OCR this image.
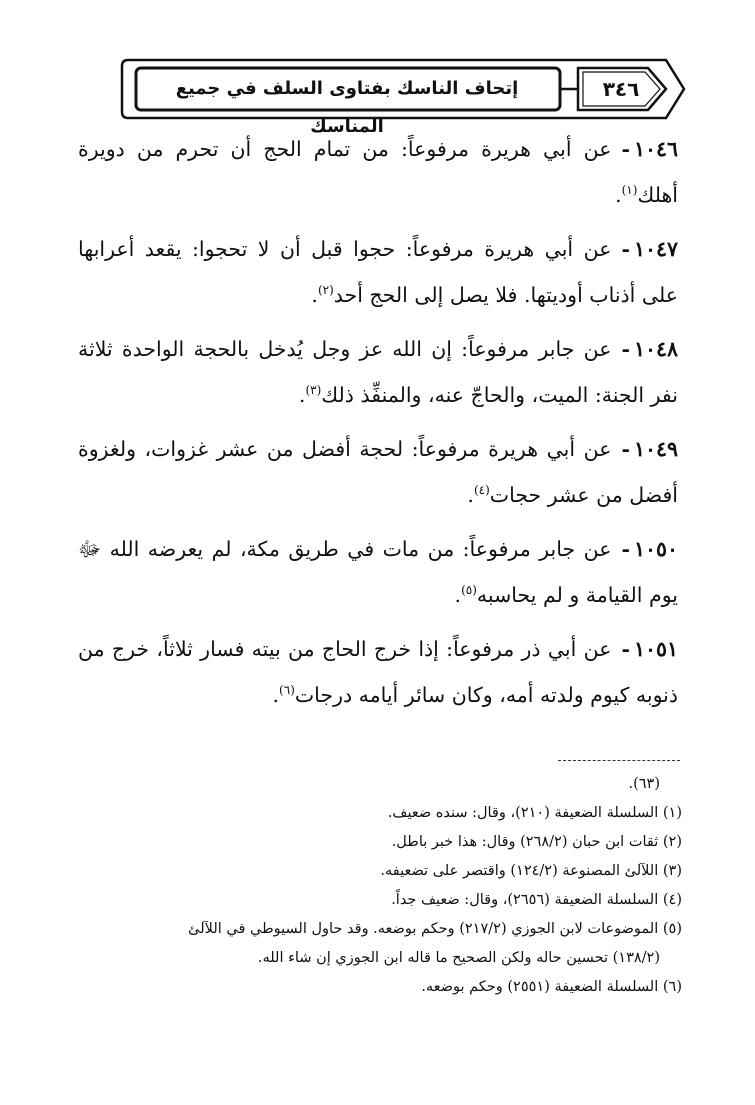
إتحاف الناسك بفتاوى السلف في جميع المناسك
٣٤٦

١٠٤٦-عن أبي هريرة مرفوعاً: من تمام الحج أن تحرم من دويرة أهلك$^{(١)}$.

١٠٤٧-عن أبي هريرة مرفوعاً: حجوا قبل أن لا تحجوا: يقعد أعرابها على أذناب أوديتها. فلا يصل إلى الحج أحد$^{(٢)}$.

١٠٤٨-عن جابر مرفوعاً: إن الله عز وجل يُدخل بالحجة الواحدة ثلاثة نفر الجنة: الميت، والحاجّ عنه، والمنفِّذ ذلك$^{(٣)}$.

١٠٤٩-عن أبي هريرة مرفوعاً: لحجة أفضل من عشر غزوات، ولغزوة أفضل من عشر حجات$^{(٤)}$.

١٠٥٠-عن جابر مرفوعاً: من مات في طريق مكة، لم يعرضه الله ﷻ يوم القيامة و لم يحاسبه$^{(٥)}$.

١٠٥١-عن أبي ذر مرفوعاً: إذا خرج الحاج من بيته فسار ثلاثاً، خرج من ذنوبه كيوم ولدته أمه، وكان سائر أيامه درجات$^{(٦)}$.

(٦٣).

(١) السلسلة الضعيفة (٢١٠)، وقال: سنده ضعيف.

(٢) ثقات ابن حبان (٢٦٨/٢) وقال: هذا خبر باطل.

(٣) اللآلئ المصنوعة (١٢٤/٢) واقتصر على تضعيفه.

(٤) السلسلة الضعيفة (٢٦٥٦)، وقال: ضعيف جداً.

(٥) الموضوعات لابن الجوزي (٢١٧/٢) وحكم بوضعه. وقد حاول السيوطي في اللآلئ

(١٣٨/٢) تحسين حاله ولكن الصحيح ما قاله ابن الجوزي إن شاء الله.

(٦) السلسلة الضعيفة (٢٥٥١) وحكم بوضعه.
